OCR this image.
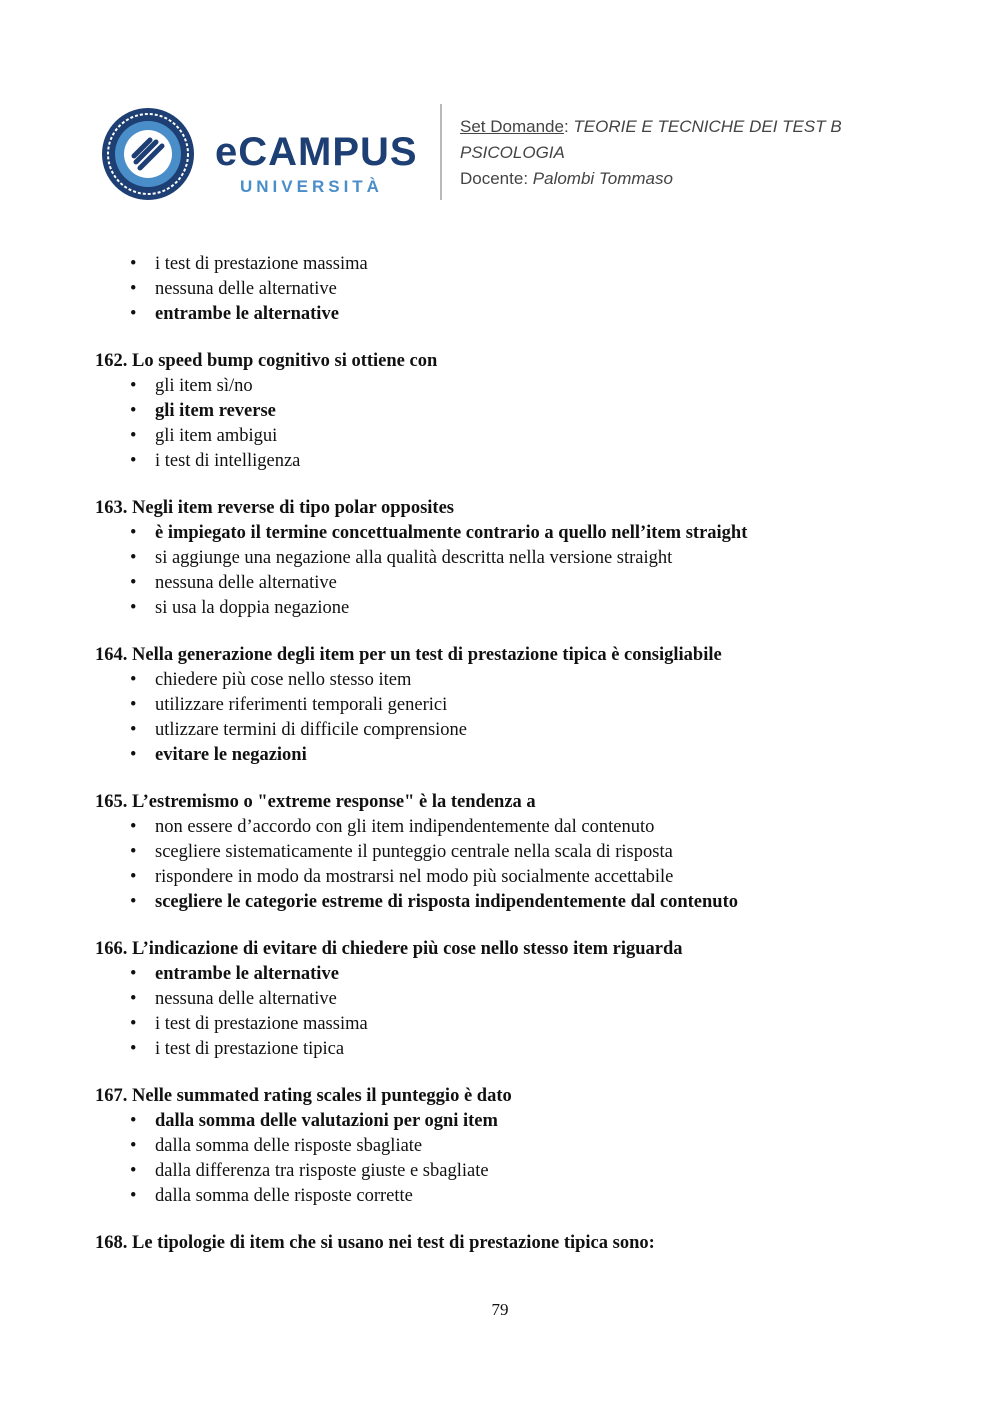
eCAMPUS
UNIVERSITÀ
Set Domande: TEORIE E TECNICHE DEI TEST B
PSICOLOGIA
Docente: Palombi Tommaso
• i test di prestazione massima
• nessuna delle alternative
• entrambe le alternative

162. Lo speed bump cognitivo si ottiene con

• gli item sì/no
• gli item reverse
• gli item ambigui
• i test di intelligenza

163. Negli item reverse di tipo polar opposites

• è impiegato il termine concettualmente contrario a quello nell’item straight
• si aggiunge una negazione alla qualità descritta nella versione straight
• nessuna delle alternative
• si usa la doppia negazione

164. Nella generazione degli item per un test di prestazione tipica è consigliabile

• chiedere più cose nello stesso item
• utilizzare riferimenti temporali generici
• utlizzare termini di difficile comprensione
• evitare le negazioni

165. L’estremismo o "extreme response" è la tendenza a

• non essere d’accordo con gli item indipendentemente dal contenuto
• scegliere sistematicamente il punteggio centrale nella scala di risposta
• rispondere in modo da mostrarsi nel modo più socialmente accettabile
• scegliere le categorie estreme di risposta indipendentemente dal contenuto

166. L’indicazione di evitare di chiedere più cose nello stesso item riguarda

• entrambe le alternative
• nessuna delle alternative
• i test di prestazione massima
• i test di prestazione tipica

167. Nelle summated rating scales il punteggio è dato

• dalla somma delle valutazioni per ogni item
• dalla somma delle risposte sbagliate
• dalla differenza tra risposte giuste e sbagliate
• dalla somma delle risposte corrette

168. Le tipologie di item che si usano nei test di prestazione tipica sono:

79
